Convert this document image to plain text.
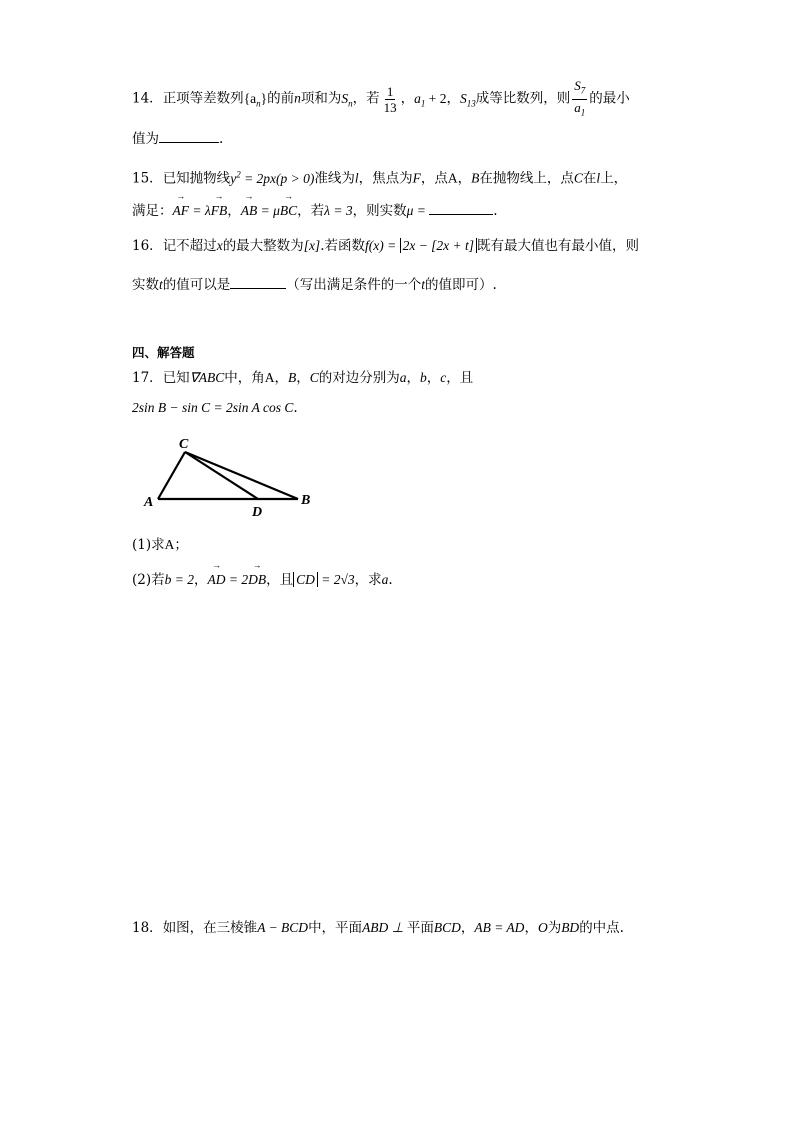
14．正项等差数列$\{a_n\}$的前n项和为$S_n$，若 $\frac{1}{13}$ ，$a_1 + 2$，$S_{13}$成等比数列，则 $\frac{S_7}{a_1}$ 的最小
值为	.
15．已知抛物线$y^2 = 2px(p > 0)$准线为l，焦点为F，点A，B在抛物线上，点C在l上，
满足：→ AF = λ→ FB，→ AB = μ→ BC，若λ = 3，则实数μ =	.
16．记不超过x的最大整数为[x].若函数f(x) = 2x − [2x + t] 既有最大值也有最小值，则
实数t的值可以是	（写出满足条件的一个t的值即可）.
四、解答题
17．已知∇ABC中，角A，B，C的对边分别为a，b，c，且
2sin B − sin C = 2sin A cos C.
C
A
D
B
(1)求A；
(2)若b = 2，→ AD = 2→ DB，且 CD = 2√3，求a.
18．如图，在三棱锥A − BCD中，平面ABD ⊥ 平面BCD，AB = AD，O为BD的中点.
